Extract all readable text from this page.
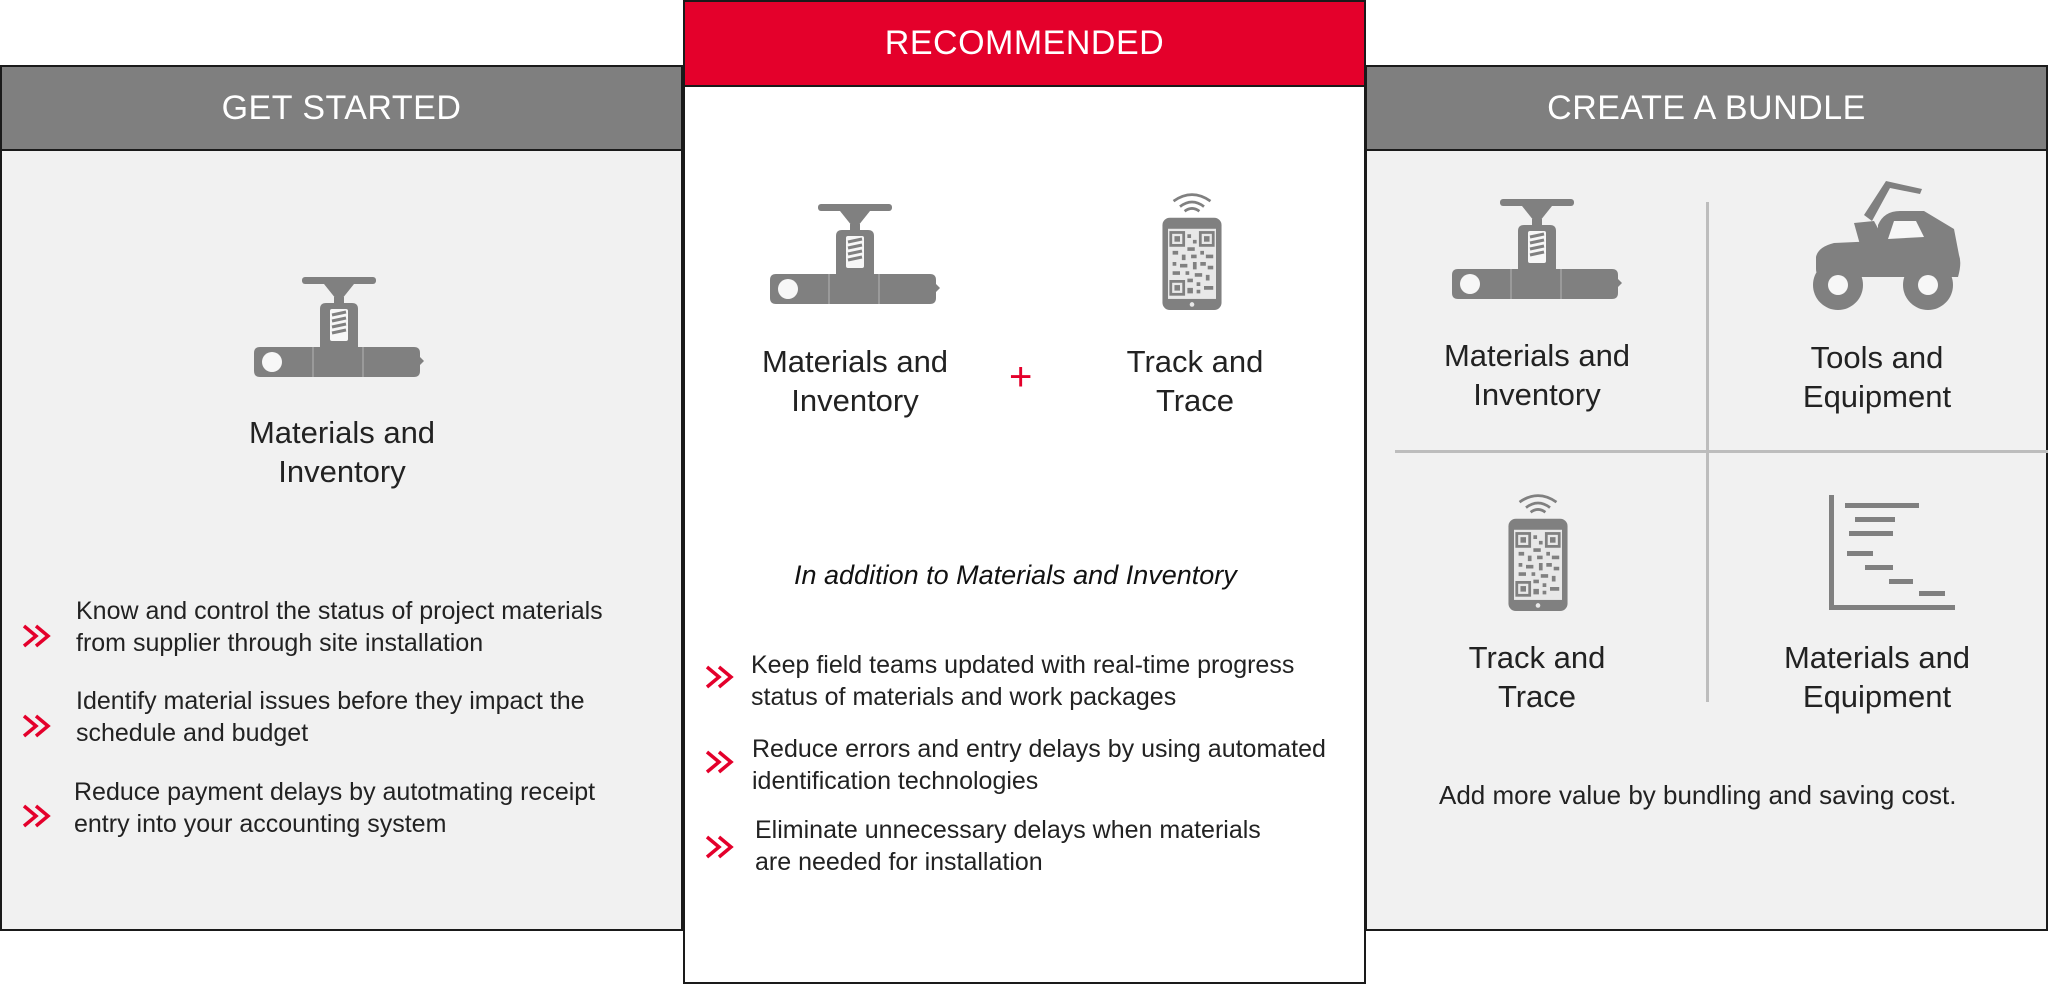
GET STARTED
Materials and
Inventory
Know and control the status of project materials
from supplier through site installation
Identify material issues before they impact the
schedule and budget
Reduce payment delays by autotmating receipt
entry into your accounting system
RECOMMENDED
Materials and
Inventory
+	Track and
Trace
In addition to Materials and Inventory
Keep field teams updated with real-time progress
status of materials and work packages
Reduce errors and entry delays by using automated
identification technologies
Eliminate unnecessary delays when materials
are needed for installation
CREATE A BUNDLE
Materials and
Inventory
Tools and
Equipment
Track and
Trace
Materials and
Equipment
Add more value by bundling and saving cost.
